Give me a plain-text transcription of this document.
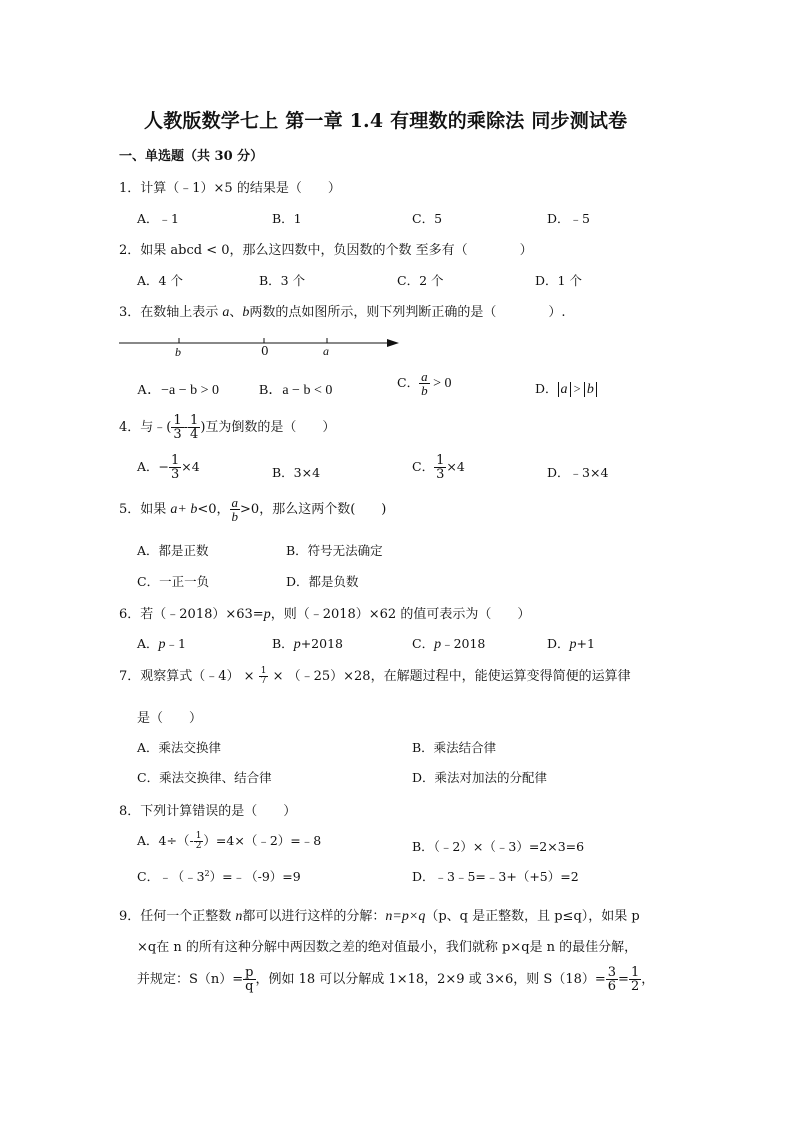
人教版数学七上 第一章 1.4 有理数的乘除法 同步测试卷
一、单选题（共 30 分）
1．计算（﹣1）×5 的结果是（　　）
A．﹣1	B．1	C．5	D．﹣5
2．如果 abcd < 0，那么这四数中，负因数的个数 至多有（　　　　）
A．4 个	B．3 个	C．2 个	D．1 个
3．在数轴上表示 a、b两数的点如图所示，则下列判断正确的是（　　　　）.
b	0	a
A．−a − b > 0	B．a − b < 0
C． $\frac{a}{b} > 0$	D． a > b
4．与﹣( $\frac{1}{3} - \frac{1}{4}$ )互为倒数的是（　　）
A．− $\frac{1}{3} \times 4$	B．3×4	C． $\frac{1}{3} \times 4$	D．﹣3×4
5．如果 a+ b<0， $\frac{a}{b} >0$，那么这两个数(　　)
A．都是正数	B．符号无法确定
C．一正一负	D．都是负数
6．若（﹣2018）×63=p，则（﹣2018）×62 的值可表示为（　　）
A．p﹣1	B．p+2018	C．p﹣2018	D．p+1
7．观察算式（﹣4） × $\frac{1}{7}$ × （﹣25）×28，在解题过程中，能使运算变得简便的运算律
是（　　）
A．乘法交换律	B．乘法结合律
C．乘法交换律、结合律	D．乘法对加法的分配律
8．下列计算错误的是（　　）
A．$4\div(- \frac{1}{2}$ ）=4×（﹣2）=﹣8	B．（﹣2）×（﹣3）=2×3=6
C．$﹣(﹣3^2)=﹣(-9)=9$	D．﹣3﹣5=﹣3+（+5）=2
9．任何一个正整数 n都可以进行这样的分解：n=p×q（p、q 是正整数，且 p≤q），如果 p
×q在 n 的所有这种分解中两因数之差的绝对值最小，我们就称 p×q是 n 的最佳分解，
并规定：$S(n)= \frac{p}{q}$ ，例如 18 可以分解成 1×18，2×9 或 3×6，则 $S(18)= \frac{3}{6} = \frac{1}{2}$ ，
